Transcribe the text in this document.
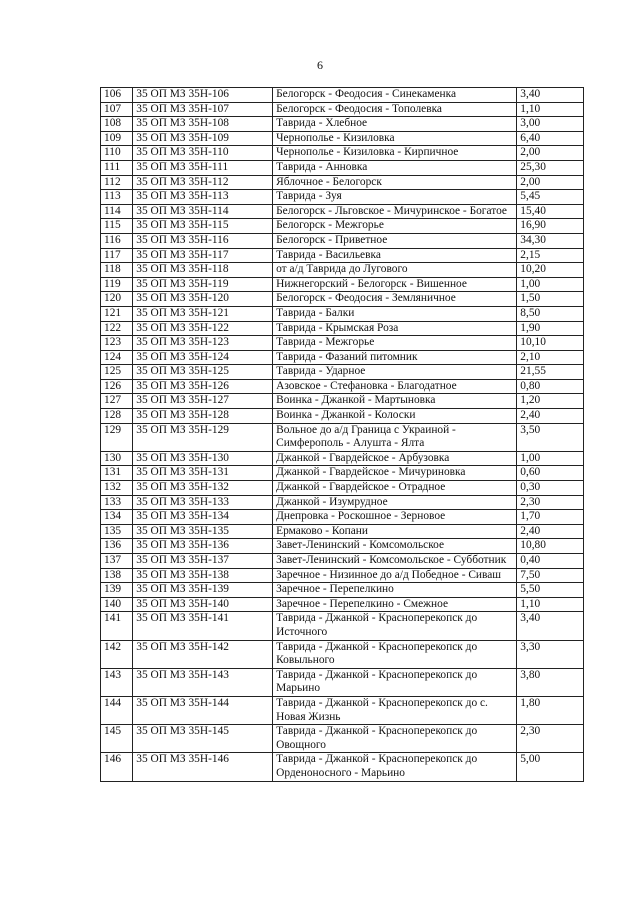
6
106	35 ОП МЗ 35Н-106	Белогорск - Феодосия - Синекаменка	3,40
107	35 ОП МЗ 35Н-107	Белогорск - Феодосия - Тополевка	1,10
108	35 ОП МЗ 35Н-108	Таврида - Хлебное	3,00
109	35 ОП МЗ 35Н-109	Чернополье - Кизиловка	6,40
110	35 ОП МЗ 35Н-110	Чернополье - Кизиловка - Кирпичное	2,00
111	35 ОП МЗ 35Н-111	Таврида - Анновка	25,30
112	35 ОП МЗ 35Н-112	Яблочное - Белогорск	2,00
113	35 ОП МЗ 35Н-113	Таврида - Зуя	5,45
114	35 ОП МЗ 35Н-114	Белогорск - Льговское - Мичуринское - Богатое	15,40
115	35 ОП МЗ 35Н-115	Белогорск - Межгорье	16,90
116	35 ОП МЗ 35Н-116	Белогорск - Приветное	34,30
117	35 ОП МЗ 35Н-117	Таврида - Васильевка	2,15
118	35 ОП МЗ 35Н-118	от а/д Таврида до Лугового	10,20
119	35 ОП МЗ 35Н-119	Нижнегорский - Белогорск - Вишенное	1,00
120	35 ОП МЗ 35Н-120	Белогорск - Феодосия - Земляничное	1,50
121	35 ОП МЗ 35Н-121	Таврида - Балки	8,50
122	35 ОП МЗ 35Н-122	Таврида - Крымская Роза	1,90
123	35 ОП МЗ 35Н-123	Таврида - Межгорье	10,10
124	35 ОП МЗ 35Н-124	Таврида - Фазаний питомник	2,10
125	35 ОП МЗ 35Н-125	Таврида - Ударное	21,55
126	35 ОП МЗ 35Н-126	Азовское - Стефановка - Благодатное	0,80
127	35 ОП МЗ 35Н-127	Воинка - Джанкой - Мартыновка	1,20
128	35 ОП МЗ 35Н-128	Воинка - Джанкой - Колоски	2,40
129	35 ОП МЗ 35Н-129	Вольное до а/д Граница с Украиной - Симферополь - Алушта - Ялта	3,50
130	35 ОП МЗ 35Н-130	Джанкой - Гвардейское - Арбузовка	1,00
131	35 ОП МЗ 35Н-131	Джанкой - Гвардейское - Мичуриновка	0,60
132	35 ОП МЗ 35Н-132	Джанкой - Гвардейское - Отрадное	0,30
133	35 ОП МЗ 35Н-133	Джанкой - Изумрудное	2,30
134	35 ОП МЗ 35Н-134	Днепровка - Роскошное - Зерновое	1,70
135	35 ОП МЗ 35Н-135	Ермаково - Копани	2,40
136	35 ОП МЗ 35Н-136	Завет-Ленинский - Комсомольское	10,80
137	35 ОП МЗ 35Н-137	Завет-Ленинский - Комсомольское - Субботник	0,40
138	35 ОП МЗ 35Н-138	Заречное - Низинное до а/д Победное - Сиваш	7,50
139	35 ОП МЗ 35Н-139	Заречное - Перепелкино	5,50
140	35 ОП МЗ 35Н-140	Заречное - Перепелкино - Смежное	1,10
141	35 ОП МЗ 35Н-141	Таврида - Джанкой - Красноперекопск до Источного	3,40
142	35 ОП МЗ 35Н-142	Таврида - Джанкой - Красноперекопск до Ковыльного	3,30
143	35 ОП МЗ 35Н-143	Таврида - Джанкой - Красноперекопск до Марьино	3,80
144	35 ОП МЗ 35Н-144	Таврида - Джанкой - Красноперекопск до с. Новая Жизнь	1,80
145	35 ОП МЗ 35Н-145	Таврида - Джанкой - Красноперекопск до Овощного	2,30
146	35 ОП МЗ 35Н-146	Таврида - Джанкой - Красноперекопск до Орденоносного - Марьино	5,00
